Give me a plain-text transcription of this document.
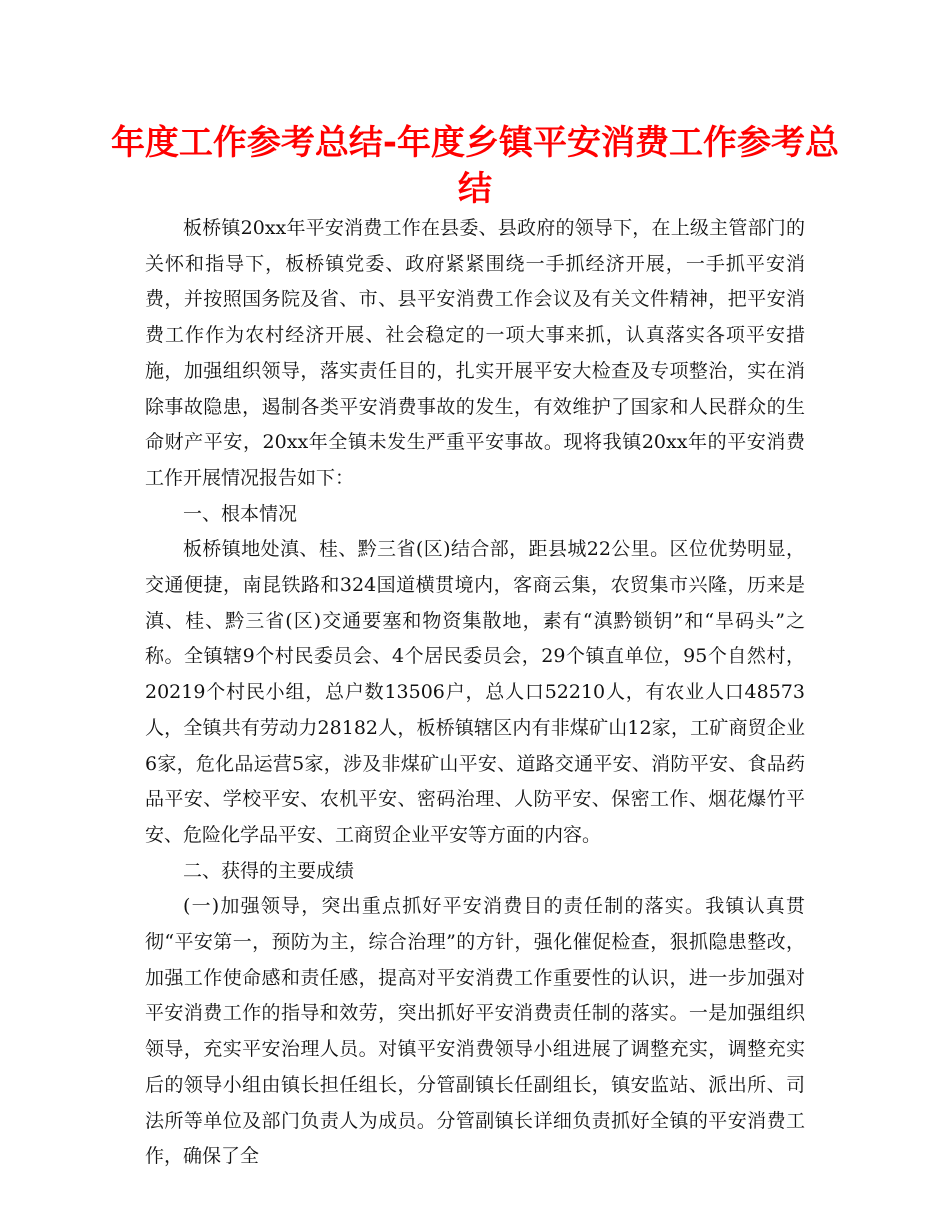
年度工作参考总结-年度乡镇平安消费工作参考总结

板桥镇20xx年平安消费工作在县委、县政府的领导下，在上级主管部门的关怀和指导下，板桥镇党委、政府紧紧围绕一手抓经济开展，一手抓平安消费，并按照国务院及省、市、县平安消费工作会议及有关文件精神，把平安消费工作作为农村经济开展、社会稳定的一项大事来抓，认真落实各项平安措施，加强组织领导，落实责任目的，扎实开展平安大检查及专项整治，实在消除事故隐患，遏制各类平安消费事故的发生，有效维护了国家和人民群众的生命财产平安，20xx年全镇未发生严重平安事故。现将我镇20xx年的平安消费工作开展情况报告如下：

一、根本情况

板桥镇地处滇、桂、黔三省(区)结合部，距县城22公里。区位优势明显，交通便捷，南昆铁路和324国道横贯境内，客商云集，农贸集市兴隆，历来是滇、桂、黔三省(区)交通要塞和物资集散地，素有“滇黔锁钥”和“旱码头”之称。全镇辖9个村民委员会、4个居民委员会，29个镇直单位，95个自然村，20219个村民小组，总户数13506户，总人口52210人，有农业人口48573人，全镇共有劳动力28182人，板桥镇辖区内有非煤矿山12家，工矿商贸企业6家，危化品运营5家，涉及非煤矿山平安、道路交通平安、消防平安、食品药品平安、学校平安、农机平安、密码治理、人防平安、保密工作、烟花爆竹平安、危险化学品平安、工商贸企业平安等方面的内容。

二、获得的主要成绩

(一)加强领导，突出重点抓好平安消费目的责任制的落实。我镇认真贯彻“平安第一，预防为主，综合治理”的方针，强化催促检查，狠抓隐患整改，加强工作使命感和责任感，提高对平安消费工作重要性的认识，进一步加强对平安消费工作的指导和效劳，突出抓好平安消费责任制的落实。一是加强组织领导，充实平安治理人员。对镇平安消费领导小组进展了调整充实，调整充实后的领导小组由镇长担任组长，分管副镇长任副组长，镇安监站、派出所、司法所等单位及部门负责人为成员。分管副镇长详细负责抓好全镇的平安消费工作，确保了全
